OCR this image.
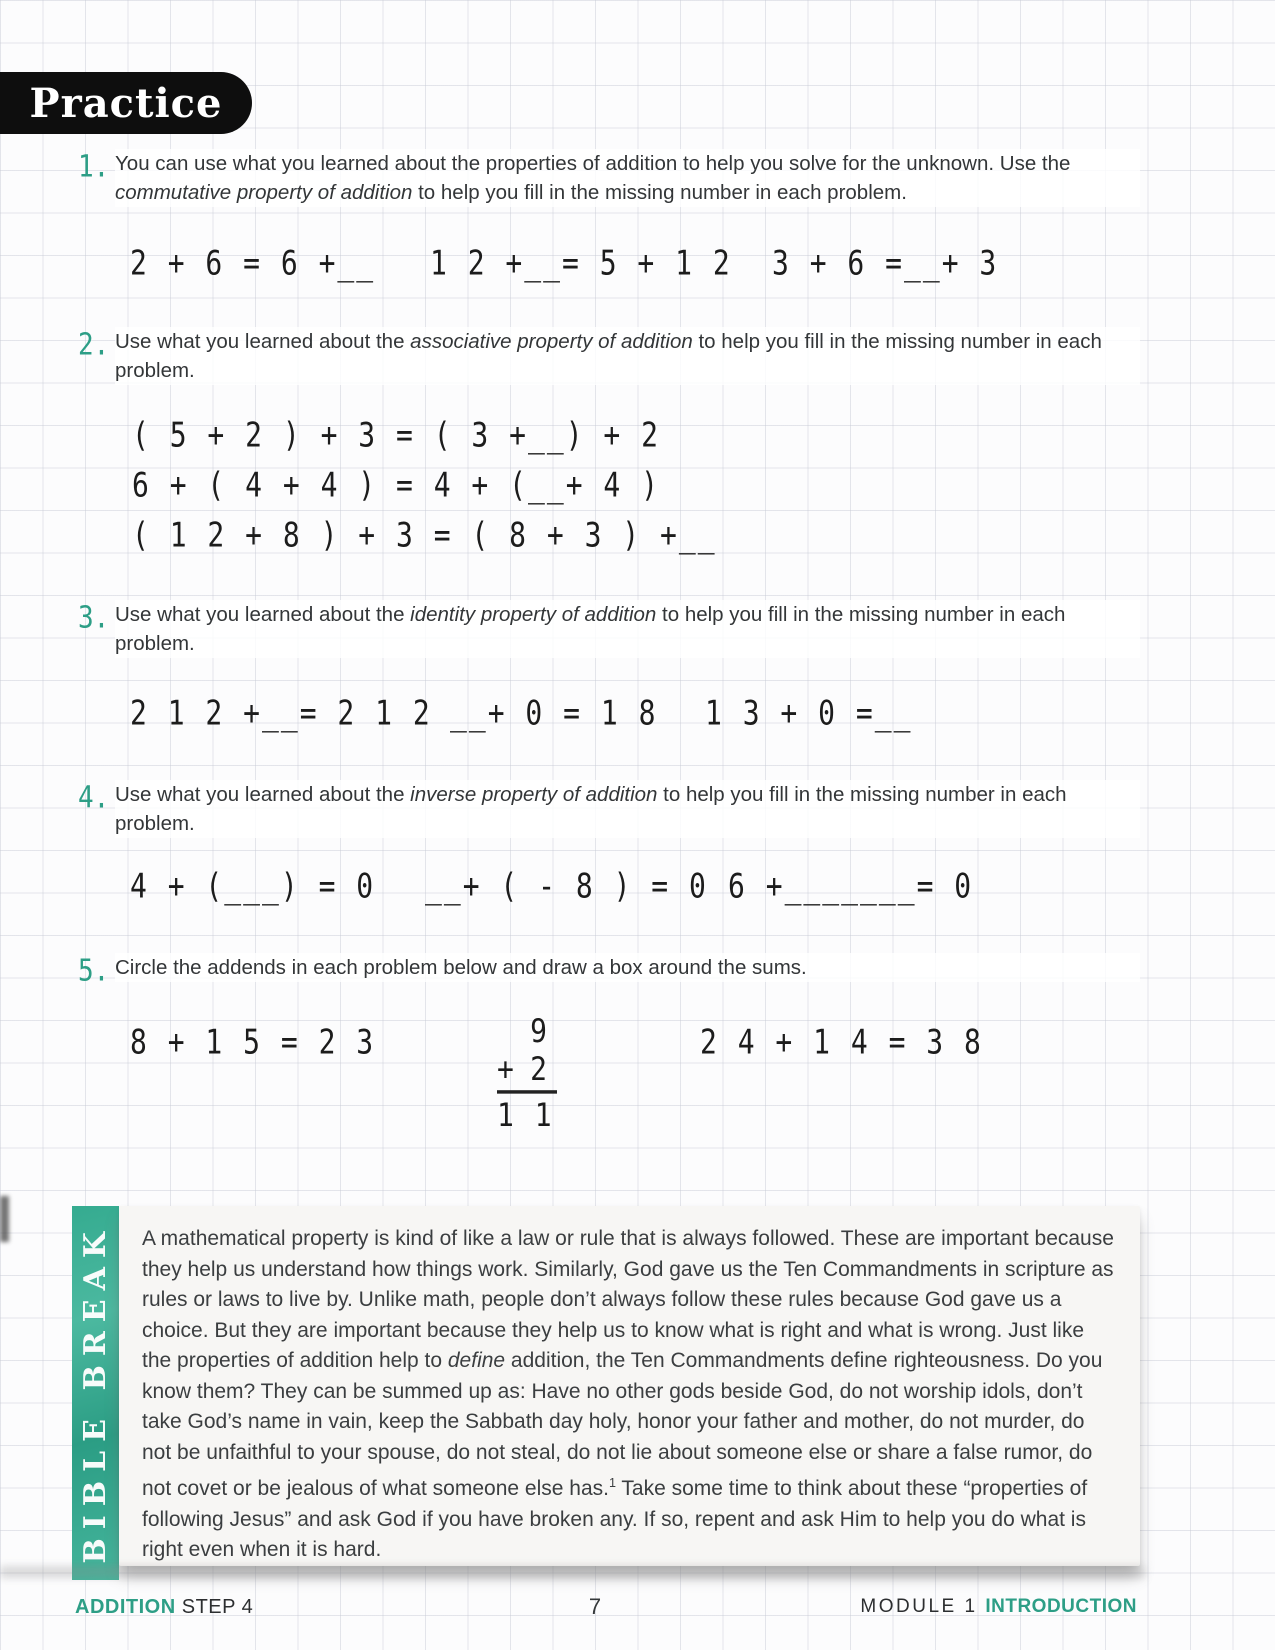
Practice
1. You can use what you learned about the properties of addition to help you solve for the unknown. Use the commutative property of addition to help you fill in the missing number in each problem.
2 + 6 = 6 +__ 1 2 +__= 5 + 1 2 3 + 6 =__+ 3
2. Use what you learned about the associative property of addition to help you fill in the missing number in each problem.
( 5 + 2 ) + 3 = ( 3 +__) + 2
6 + ( 4 + 4 ) = 4 + (__+ 4 )
( 1 2 + 8 ) + 3 = ( 8 + 3 ) +__
3. Use what you learned about the identity property of addition to help you fill in the missing number in each problem.
2 1 2 +__= 2 1 2 __+ 0 = 1 8 1 3 + 0 =__
4. Use what you learned about the inverse property of addition to help you fill in the missing number in each problem.
4 + (___) = 0 __+ ( - 8 ) = 0 6 +_______= 0
5. Circle the addends in each problem below and draw a box around the sums.
8 + 1 5 = 2 3	9
+ 2
1 1
2 4 + 1 4 = 3 8
BIBLE BREAK A mathematical property is kind of like a law or rule that is always followed. These are important because they help us understand how things work. Similarly, God gave us the Ten Commandments in scripture as rules or laws to live by. Unlike math, people don’t always follow these rules because God gave us a choice. But they are important because they help us to know what is right and what is wrong. Just like the properties of addition help to define addition, the Ten Commandments define righteousness. Do you know them? They can be summed up as: Have no other gods beside God, do not worship idols, don’t take God’s name in vain, keep the Sabbath day holy, honor your father and mother, do not murder, do not be unfaithful to your spouse, do not steal, do not lie about someone else or share a false rumor, do not covet or be jealous of what someone else has.$^1$ Take some time to think about these “properties of following Jesus” and ask God if you have broken any. If so, repent and ask Him to help you do what is right even when it is hard.
ADDITION STEP 4	7	MODULE 1 INTRODUCTION
